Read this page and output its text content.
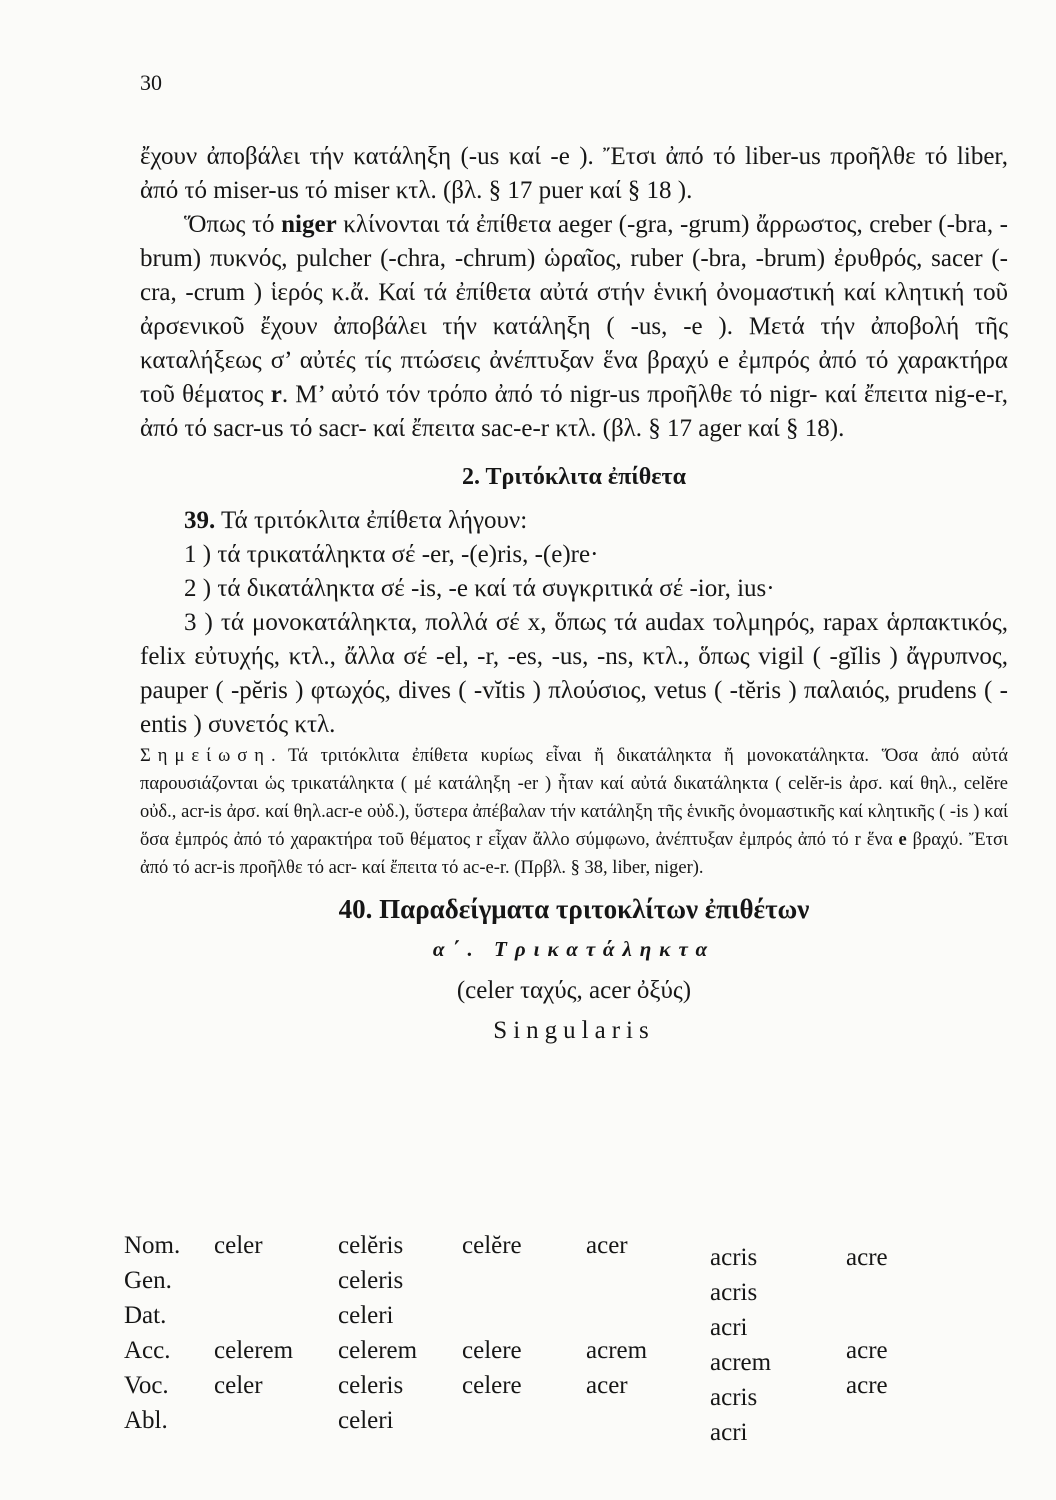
30

ἔχουν ἀποβάλει τήν κατάληξη (-us καί -e ). Ἔτσι ἀπό τό liber-us προῆλθε τό liber, ἀπό τό miser-us τό miser κτλ. (βλ. § 17 puer καί § 18 ).

Ὅπως τό niger κλίνονται τά ἐπίθετα aeger (-gra, -grum) ἄρρωστος, creber (-bra, -brum) πυκνός, pulcher (-chra, -chrum) ὡραῖος, ruber (-bra, -brum) ἐρυθρός, sacer (-cra, -crum ) ἱερός κ.ἄ. Καί τά ἐπίθετα αὐτά στήν ἑνική ὀνομαστική καί κλητική τοῦ ἀρσενικοῦ ἔχουν ἀποβάλει τήν κατάληξη ( -us, -e ). Μετά τήν ἀποβολή τῆς καταλήξεως σ’ αὐτές τίς πτώσεις ἀνέπτυξαν ἕνα βραχύ e ἐμπρός ἀπό τό χαρακτήρα τοῦ θέματος r. Μ’ αὐτό τόν τρόπο ἀπό τό nigr-us προῆλθε τό nigr- καί ἔπειτα nig-e-r, ἀπό τό sacr-us τό sacr- καί ἔπειτα sac-e-r κτλ. (βλ. § 17 ager καί § 18).

2. Τριτόκλιτα ἐπίθετα

39. Τά τριτόκλιτα ἐπίθετα λήγουν:

1 ) τά τρικατάληκτα σέ -er, -(e)ris, -(e)re·

2 ) τά δικατάληκτα σέ -is, -e καί τά συγκριτικά σέ -ior, ius·

3 ) τά μονοκατάληκτα, πολλά σέ x, ὅπως τά audax τολμηρός, rapax ἁρπακτικός, felix εὐτυχής, κτλ., ἄλλα σέ -el, -r, -es, -us, -ns, κτλ., ὅπως vigil ( -gĭlis ) ἄγρυπνος, pauper ( -pĕris ) φτωχός, dives ( -vĭtis ) πλούσιος, vetus ( -tĕris ) παλαιός, prudens ( -entis ) συνετός κτλ.

Σημείωση. Τά τριτόκλιτα ἐπίθετα κυρίως εἶναι ἤ δικατάληκτα ἤ μονοκατάληκτα. Ὅσα ἀπό αὐτά παρουσιάζονται ὡς τρικατάληκτα ( μέ κατάληξη -er ) ἦταν καί αὐτά δικατάληκτα ( celĕr-is ἀρσ. καί θηλ., celĕre οὐδ., acr-is ἀρσ. καί θηλ.acr-e οὐδ.), ὕστερα ἀπέβαλαν τήν κατάληξη τῆς ἑνικῆς ὀνομαστικῆς καί κλητικῆς ( -is ) καί ὅσα ἐμπρός ἀπό τό χαρακτήρα τοῦ θέματος r εἶχαν ἄλλο σύμφωνο, ἀνέπτυξαν ἐμπρός ἀπό τό r ἕνα e βραχύ. Ἔτσι ἀπό τό acr-is προῆλθε τό acr- καί ἔπειτα τό ac-e-r. (Πρβλ. § 38, liber, niger).

40. Παραδείγματα τριτοκλίτων ἐπιθέτων
α΄. Τρικατάληκτα
(celer ταχύς, acer ὀξύς)
Singularis
Nom.	celer	celĕris	celĕre	acer	acris	acre
Gen.		celeris			acris	
Dat.		celeri			acri	
Acc.	celerem	celerem	celere	acrem	acrem	acre
Voc.	celer	celeris	celere	acer	acris	acre
Abl.		celeri			acri	
